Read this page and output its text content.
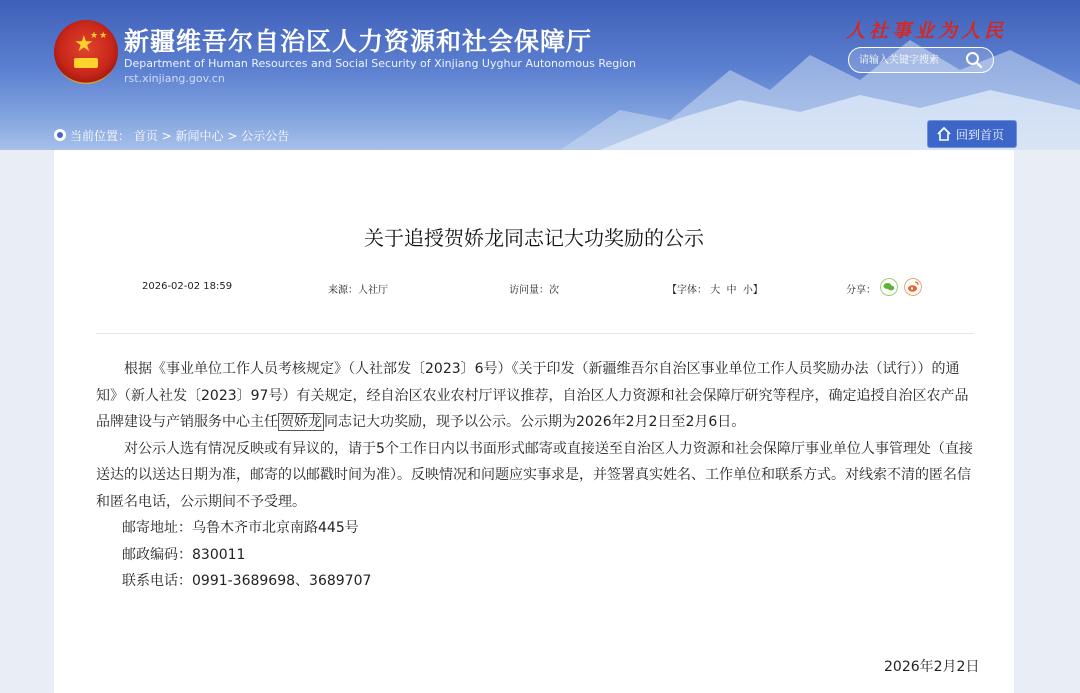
★
★★ 新疆维吾尔自治区人力资源和社会保障厅
Department of Human Resources and Social Security of Xinjiang Uyghur Autonomous Region
rst.xinjiang.gov.cn
人社事业为人民
请输入关键字搜索
当前位置： 首页 > 新闻中心 > 公示公告	回到首页
关于追授贺娇龙同志记大功奖励的公示
2026-02-02 18:59	来源：人社厅	访问量：次	【字体： 大 中 小】	分享：

根据《事业单位工作人员考核规定》（人社部发〔2023〕6号）《关于印发（新疆维吾尔自治区事业单位工作人员奖励办法（试行））的通知》（新人社发〔2023〕97号）有关规定，经自治区农业农村厅评议推荐，自治区人力资源和社会保障厅研究等程序，确定追授自治区农产品品牌建设与产销服务中心主任 贺娇龙 同志记大功奖励，现予以公示。公示期为2026年2月2日至2月6日。

对公示人选有情况反映或有异议的，请于5个工作日内以书面形式邮寄或直接送至自治区人力资源和社会保障厅事业单位人事管理处（直接送达的以送达日期为准，邮寄的以邮戳时间为准）。反映情况和问题应实事求是，并签署真实姓名、工作单位和联系方式。对线索不清的匿名信和匿名电话，公示期间不予受理。

邮寄地址：乌鲁木齐市北京南路445号

邮政编码：830011

联系电话：0991-3689698、3689707

2026年2月2日
